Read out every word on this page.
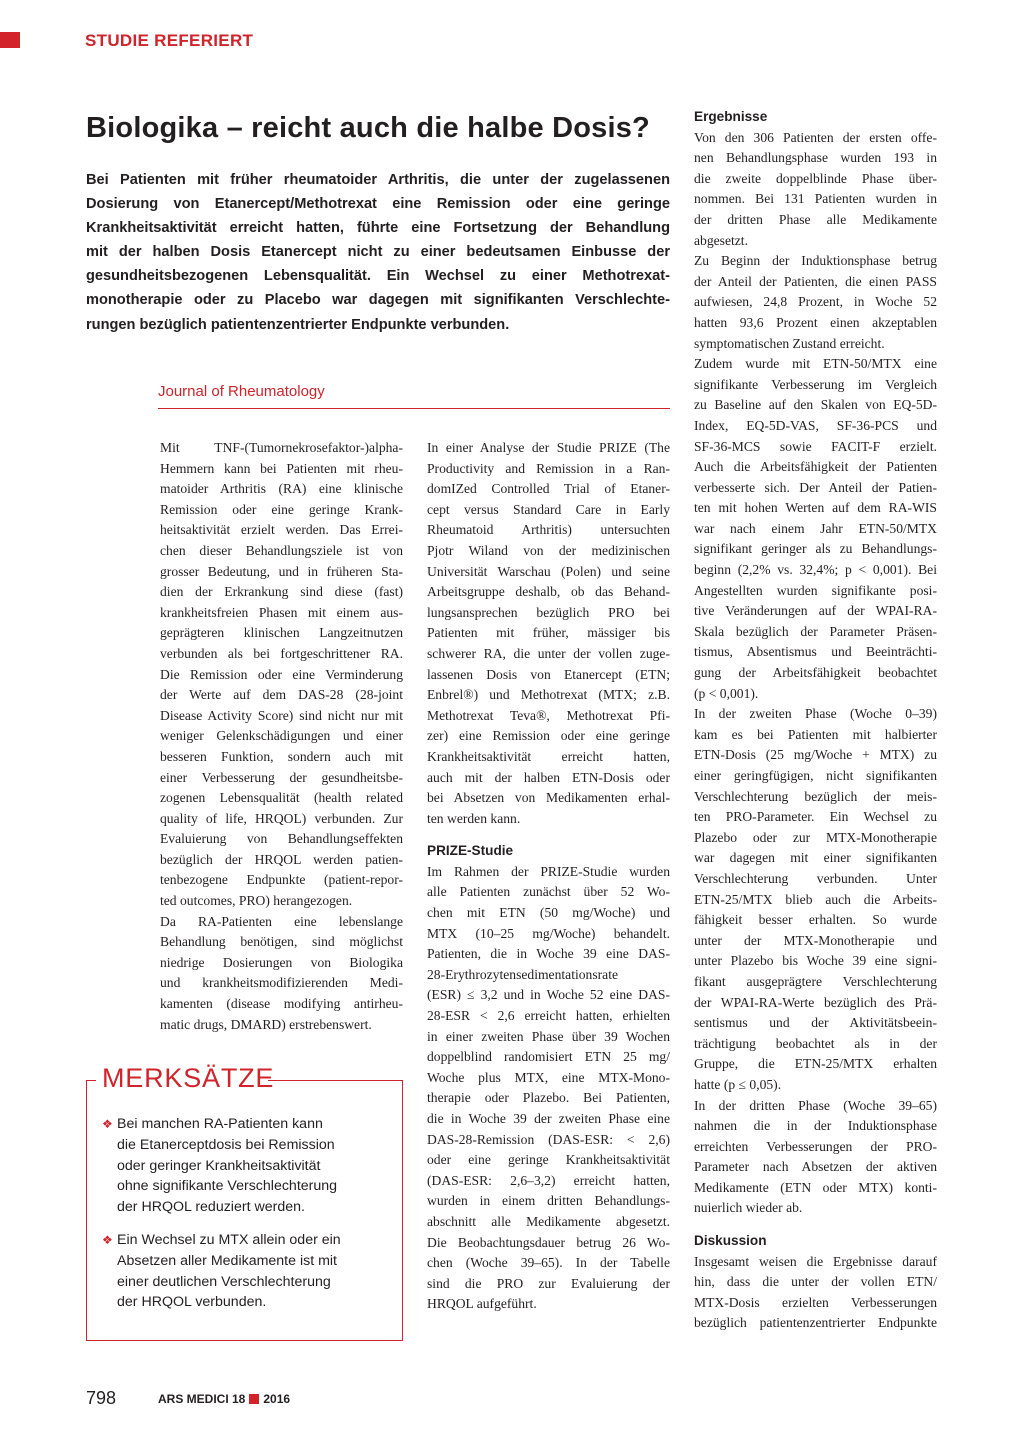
STUDIE REFERIERT
Biologika – reicht auch die halbe Dosis?
Bei Patienten mit früher rheumatoider Arthritis, die unter der zugelassenen
Dosierung von Etanercept/Methotrexat eine Remission oder eine geringe
Krankheitsaktivität erreicht hatten, führte eine Fortsetzung der Behandlung
mit der halben Dosis Etanercept nicht zu einer bedeutsamen Einbusse der
gesundheitsbezogenen Lebensqualität. Ein Wechsel zu einer Methotrexat-
monotherapie oder zu Placebo war dagegen mit signifikanten Verschlechte-
rungen bezüglich patientenzentrierter Endpunkte verbunden.
Journal of Rheumatology
Mit TNF-(Tumornekrosefaktor-)alpha-
Hemmern kann bei Patienten mit rheu-
matoider Arthritis (RA) eine klinische
Remission oder eine geringe Krank-
heitsaktivität erzielt werden. Das Errei-
chen dieser Behandlungsziele ist von
grosser Bedeutung, und in früheren Sta-
dien der Erkrankung sind diese (fast)
krankheitsfreien Phasen mit einem aus-
geprägteren klinischen Langzeitnutzen
verbunden als bei fortgeschrittener RA.
Die Remission oder eine Verminderung
der Werte auf dem DAS-28 (28-joint
Disease Activity Score) sind nicht nur mit
weniger Gelenkschädigungen und einer
besseren Funktion, sondern auch mit
einer Verbesserung der gesundheitsbe-
zogenen Lebensqualität (health related
quality of life, HRQOL) verbunden. Zur
Evaluierung von Behandlungseffekten
bezüglich der HRQOL werden patien-
tenbezogene Endpunkte (patient-repor-
ted outcomes, PRO) herangezogen.
Da RA-Patienten eine lebenslange
Behandlung benötigen, sind möglichst
niedrige Dosierungen von Biologika
und krankheitsmodifizierenden Medi-
kamenten (disease modifying antirheu-
matic drugs, DMARD) erstrebenswert.
In einer Analyse der Studie PRIZE (The
Productivity and Remission in a Ran-
domIZed Controlled Trial of Etaner-
cept versus Standard Care in Early
Rheumatoid Arthritis) untersuchten
Pjotr Wiland von der medizinischen
Universität Warschau (Polen) und seine
Arbeitsgruppe deshalb, ob das Behand-
lungsansprechen bezüglich PRO bei
Patienten mit früher, mässiger bis
schwerer RA, die unter der vollen zuge-
lassenen Dosis von Etanercept (ETN;
Enbrel®) und Methotrexat (MTX; z.B.
Methotrexat Teva®, Methotrexat Pfi-
zer) eine Remission oder eine geringe
Krankheitsaktivität erreicht hatten,
auch mit der halben ETN-Dosis oder
bei Absetzen von Medikamenten erhal-
ten werden kann.
PRIZE-Studie
Im Rahmen der PRIZE-Studie wurden
alle Patienten zunächst über 52 Wo-
chen mit ETN (50 mg/Woche) und
MTX (10–25 mg/Woche) behandelt.
Patienten, die in Woche 39 eine DAS-
28-Erythrozytensedimentationsrate
(ESR) ≤ 3,2 und in Woche 52 eine DAS-
28-ESR < 2,6 erreicht hatten, erhielten
in einer zweiten Phase über 39 Wochen
doppelblind randomisiert ETN 25 mg/
Woche plus MTX, eine MTX-Mono-
therapie oder Plazebo. Bei Patienten,
die in Woche 39 der zweiten Phase eine
DAS-28-Remission (DAS-ESR: < 2,6)
oder eine geringe Krankheitsaktivität
(DAS-ESR: 2,6–3,2) erreicht hatten,
wurden in einem dritten Behandlungs-
abschnitt alle Medikamente abgesetzt.
Die Beobachtungsdauer betrug 26 Wo-
chen (Woche 39–65). In der Tabelle
sind die PRO zur Evaluierung der
HRQOL aufgeführt.
Ergebnisse
Von den 306 Patienten der ersten offe-
nen Behandlungsphase wurden 193 in
die zweite doppelblinde Phase über-
nommen. Bei 131 Patienten wurden in
der dritten Phase alle Medikamente
abgesetzt.
Zu Beginn der Induktionsphase betrug
der Anteil der Patienten, die einen PASS
aufwiesen, 24,8 Prozent, in Woche 52
hatten 93,6 Prozent einen akzeptablen
symptomatischen Zustand erreicht.
Zudem wurde mit ETN-50/MTX eine
signifikante Verbesserung im Vergleich
zu Baseline auf den Skalen von EQ-5D-
Index, EQ-5D-VAS, SF-36-PCS und
SF-36-MCS sowie FACIT-F erzielt.
Auch die Arbeitsfähigkeit der Patienten
verbesserte sich. Der Anteil der Patien-
ten mit hohen Werten auf dem RA-WIS
war nach einem Jahr ETN-50/MTX
signifikant geringer als zu Behandlungs-
beginn (2,2% vs. 32,4%; p < 0,001). Bei
Angestellten wurden signifikante posi-
tive Veränderungen auf der WPAI-RA-
Skala bezüglich der Parameter Präsen-
tismus, Absentismus und Beeinträchti-
gung der Arbeitsfähigkeit beobachtet
(p < 0,001).
In der zweiten Phase (Woche 0–39)
kam es bei Patienten mit halbierter
ETN-Dosis (25 mg/Woche + MTX) zu
einer geringfügigen, nicht signifikanten
Verschlechterung bezüglich der meis-
ten PRO-Parameter. Ein Wechsel zu
Plazebo oder zur MTX-Monotherapie
war dagegen mit einer signifikanten
Verschlechterung verbunden. Unter
ETN-25/MTX blieb auch die Arbeits-
fähigkeit besser erhalten. So wurde
unter der MTX-Monotherapie und
unter Plazebo bis Woche 39 eine signi-
fikant ausgeprägtere Verschlechterung
der WPAI-RA-Werte bezüglich des Prä-
sentismus und der Aktivitätsbeein-
trächtigung beobachtet als in der
Gruppe, die ETN-25/MTX erhalten
hatte (p ≤ 0,05).
In der dritten Phase (Woche 39–65)
nahmen die in der Induktionsphase
erreichten Verbesserungen der PRO-
Parameter nach Absetzen der aktiven
Medikamente (ETN oder MTX) konti-
nuierlich wieder ab.
Diskussion
Insgesamt weisen die Ergebnisse darauf
hin, dass die unter der vollen ETN/
MTX-Dosis erzielten Verbesserungen
bezüglich patientenzentrierter Endpunkte
MERKSÄTZE
❖ Bei manchen RA-Patienten kann
die Etanerceptdosis bei Remission
oder geringer Krankheitsaktivität
ohne signifikante Verschlechterung
der HRQOL reduziert werden.
❖ Ein Wechsel zu MTX allein oder ein
Absetzen aller Medikamente ist mit
einer deutlichen Verschlechterung
der HRQOL verbunden.
798	ARS MEDICI 18 2016
